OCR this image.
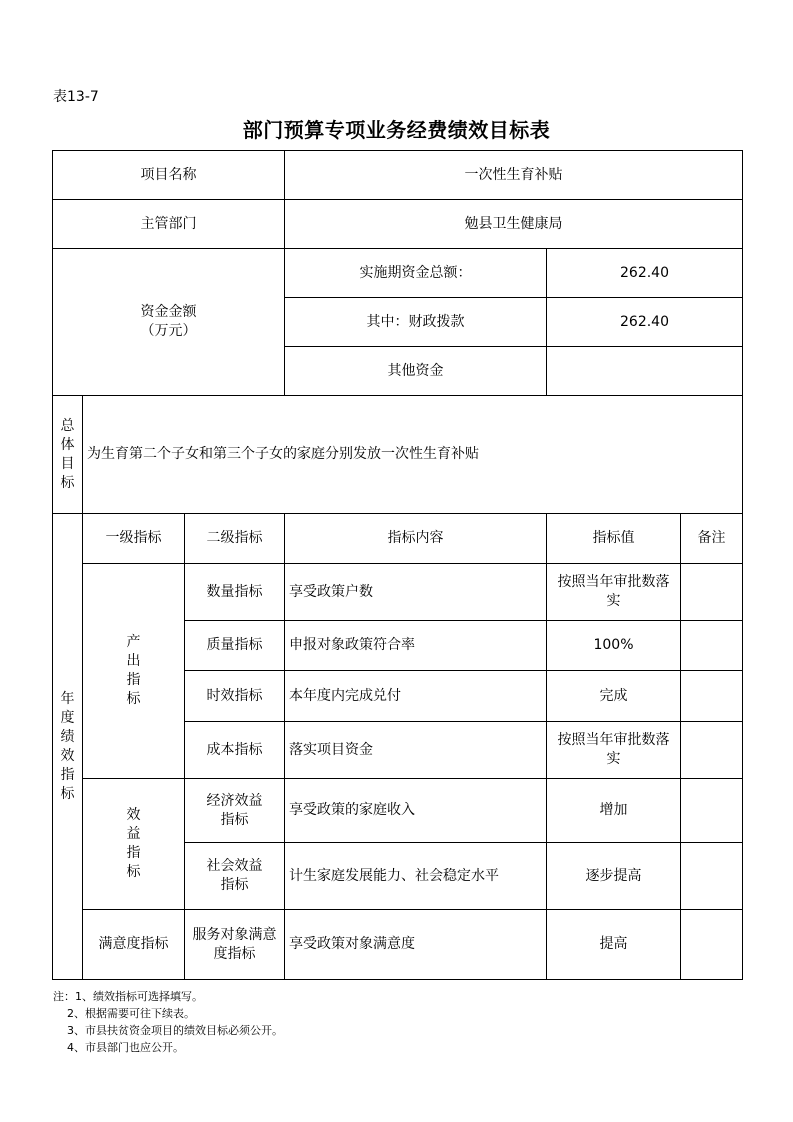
表13-7
部门预算专项业务经费绩效目标表
项目名称			一次性生育补贴		
主管部门			勉县卫生健康局		
资金金额
（万元）			实施期资金总额：	262.40	
			其中：财政拨款	262.40	
			其他资金		
总体目标	为生育第二个子女和第三个子女的家庭分别发放一次性生育补贴				
年度绩效指标	一级指标	二级指标	指标内容	指标值	备注
	产出指标	数量指标	享受政策户数	按照当年审批数落实	
		质量指标	申报对象政策符合率	100%	
		时效指标	本年度内完成兑付	完成	
		成本指标	落实项目资金	按照当年审批数落实	
	效益指标	经济效益指标	享受政策的家庭收入	增加	
		社会效益指标	计生家庭发展能力、社会稳定水平	逐步提高	
	满意度指标	服务对象满意度指标	享受政策对象满意度	提高	
注：1、绩效指标可选择填写。
2、根据需要可往下续表。
3、市县扶贫资金项目的绩效目标必须公开。
4、市县部门也应公开。
